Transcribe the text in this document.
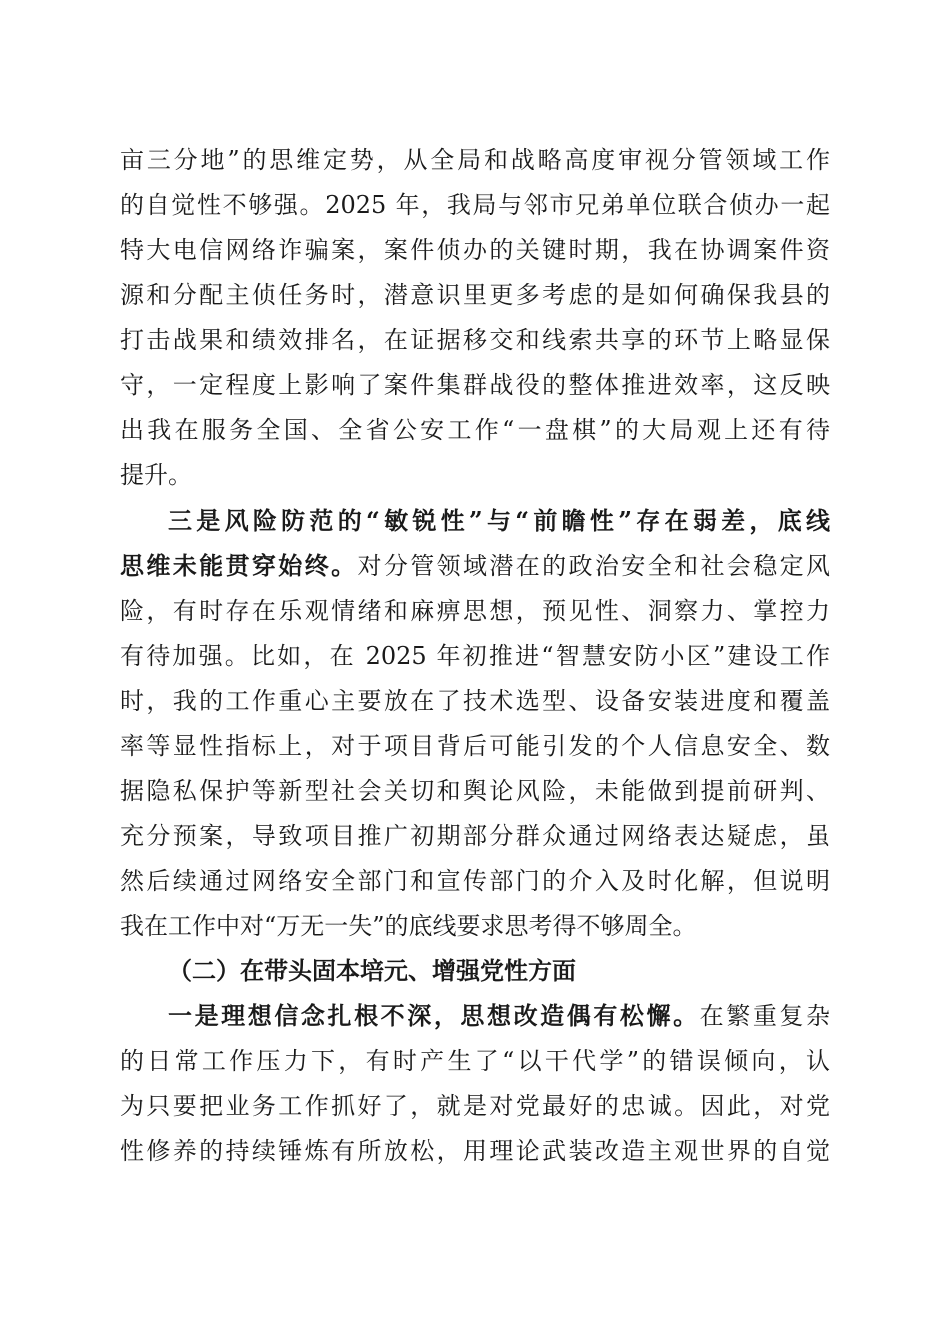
亩三分地”的思维定势，从全局和战略高度审视分管领域工作
的自觉性不够强。2025 年，我局与邻市兄弟单位联合侦办一起
特大电信网络诈骗案，案件侦办的关键时期，我在协调案件资
源和分配主侦任务时，潜意识里更多考虑的是如何确保我县的
打击战果和绩效排名，在证据移交和线索共享的环节上略显保
守，一定程度上影响了案件集群战役的整体推进效率，这反映
出我在服务全国、全省公安工作“一盘棋”的大局观上还有待
提升。
三是风险防范的“敏锐性”与“前瞻性”存在弱差，底线
思维未能贯穿始终。对分管领域潜在的政治安全和社会稳定风
险，有时存在乐观情绪和麻痹思想，预见性、洞察力、掌控力
有待加强。比如，在 2025 年初推进“智慧安防小区”建设工作
时，我的工作重心主要放在了技术选型、设备安装进度和覆盖
率等显性指标上，对于项目背后可能引发的个人信息安全、数
据隐私保护等新型社会关切和舆论风险，未能做到提前研判、
充分预案，导致项目推广初期部分群众通过网络表达疑虑，虽
然后续通过网络安全部门和宣传部门的介入及时化解，但说明
我在工作中对“万无一失”的底线要求思考得不够周全。
（二）在带头固本培元、增强党性方面
一是理想信念扎根不深，思想改造偶有松懈。在繁重复杂
的日常工作压力下，有时产生了“以干代学”的错误倾向，认
为只要把业务工作抓好了，就是对党最好的忠诚。因此，对党
性修养的持续锤炼有所放松，用理论武装改造主观世界的自觉
